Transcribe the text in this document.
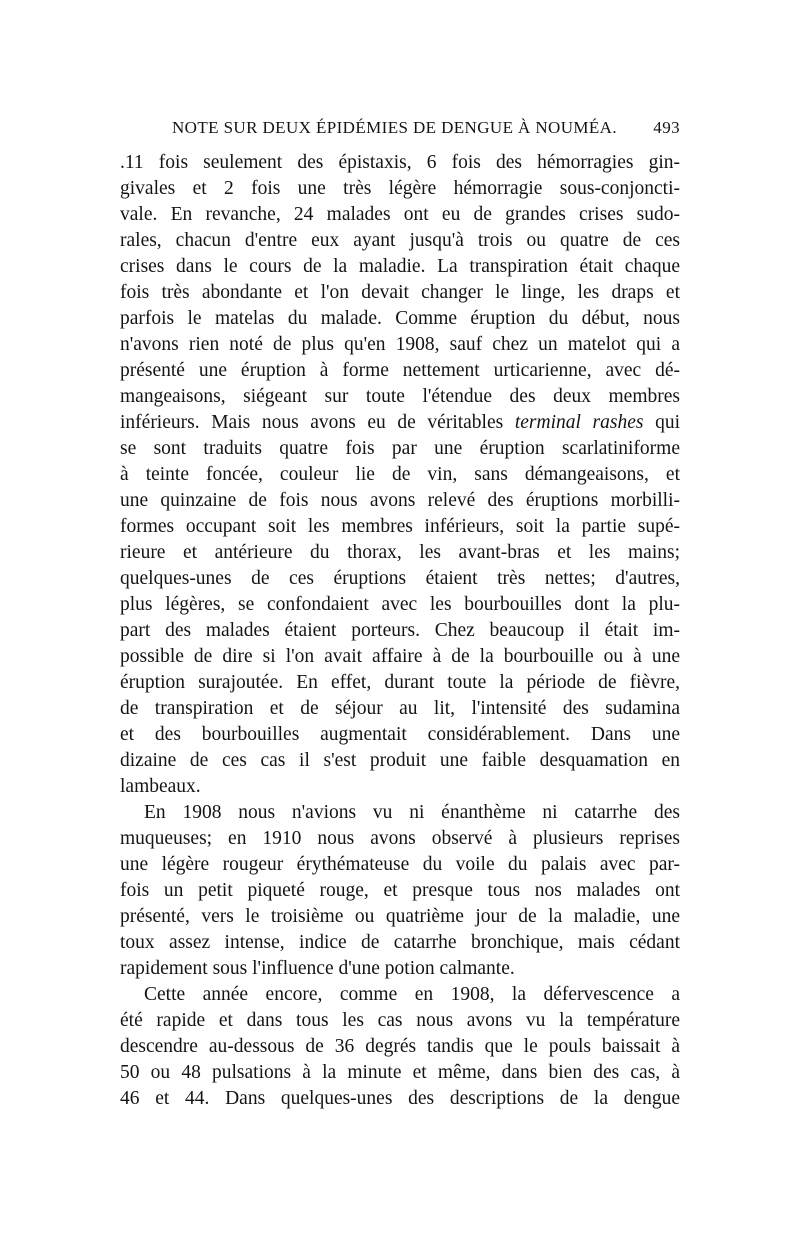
NOTE SUR DEUX ÉPIDÉMIES DE DENGUE À NOUMÉA. 493
.11 fois seulement des épistaxis, 6 fois des hémorragies gin-
givales et 2 fois une très légère hémorragie sous-conjoncti-
vale. En revanche, 24 malades ont eu de grandes crises sudo-
rales, chacun d'entre eux ayant jusqu'à trois ou quatre de ces
crises dans le cours de la maladie. La transpiration était chaque
fois très abondante et l'on devait changer le linge, les draps et
parfois le matelas du malade. Comme éruption du début, nous
n'avons rien noté de plus qu'en 1908, sauf chez un matelot qui a
présenté une éruption à forme nettement urticarienne, avec dé-
mangeaisons, siégeant sur toute l'étendue des deux membres
inférieurs. Mais nous avons eu de véritables terminal rashes qui
se sont traduits quatre fois par une éruption scarlatiniforme
à teinte foncée, couleur lie de vin, sans démangeaisons, et
une quinzaine de fois nous avons relevé des éruptions morbilli-
formes occupant soit les membres inférieurs, soit la partie supé-
rieure et antérieure du thorax, les avant-bras et les mains;
quelques-unes de ces éruptions étaient très nettes; d'autres,
plus légères, se confondaient avec les bourbouilles dont la plu-
part des malades étaient porteurs. Chez beaucoup il était im-
possible de dire si l'on avait affaire à de la bourbouille ou à une
éruption surajoutée. En effet, durant toute la période de fièvre,
de transpiration et de séjour au lit, l'intensité des sudamina
et des bourbouilles augmentait considérablement. Dans une
dizaine de ces cas il s'est produit une faible desquamation en
lambeaux.
En 1908 nous n'avions vu ni énanthème ni catarrhe des
muqueuses; en 1910 nous avons observé à plusieurs reprises
une légère rougeur érythémateuse du voile du palais avec par-
fois un petit piqueté rouge, et presque tous nos malades ont
présenté, vers le troisième ou quatrième jour de la maladie, une
toux assez intense, indice de catarrhe bronchique, mais cédant
rapidement sous l'influence d'une potion calmante.
Cette année encore, comme en 1908, la défervescence a
été rapide et dans tous les cas nous avons vu la température
descendre au-dessous de 36 degrés tandis que le pouls baissait à
50 ou 48 pulsations à la minute et même, dans bien des cas, à
46 et 44. Dans quelques-unes des descriptions de la dengue
